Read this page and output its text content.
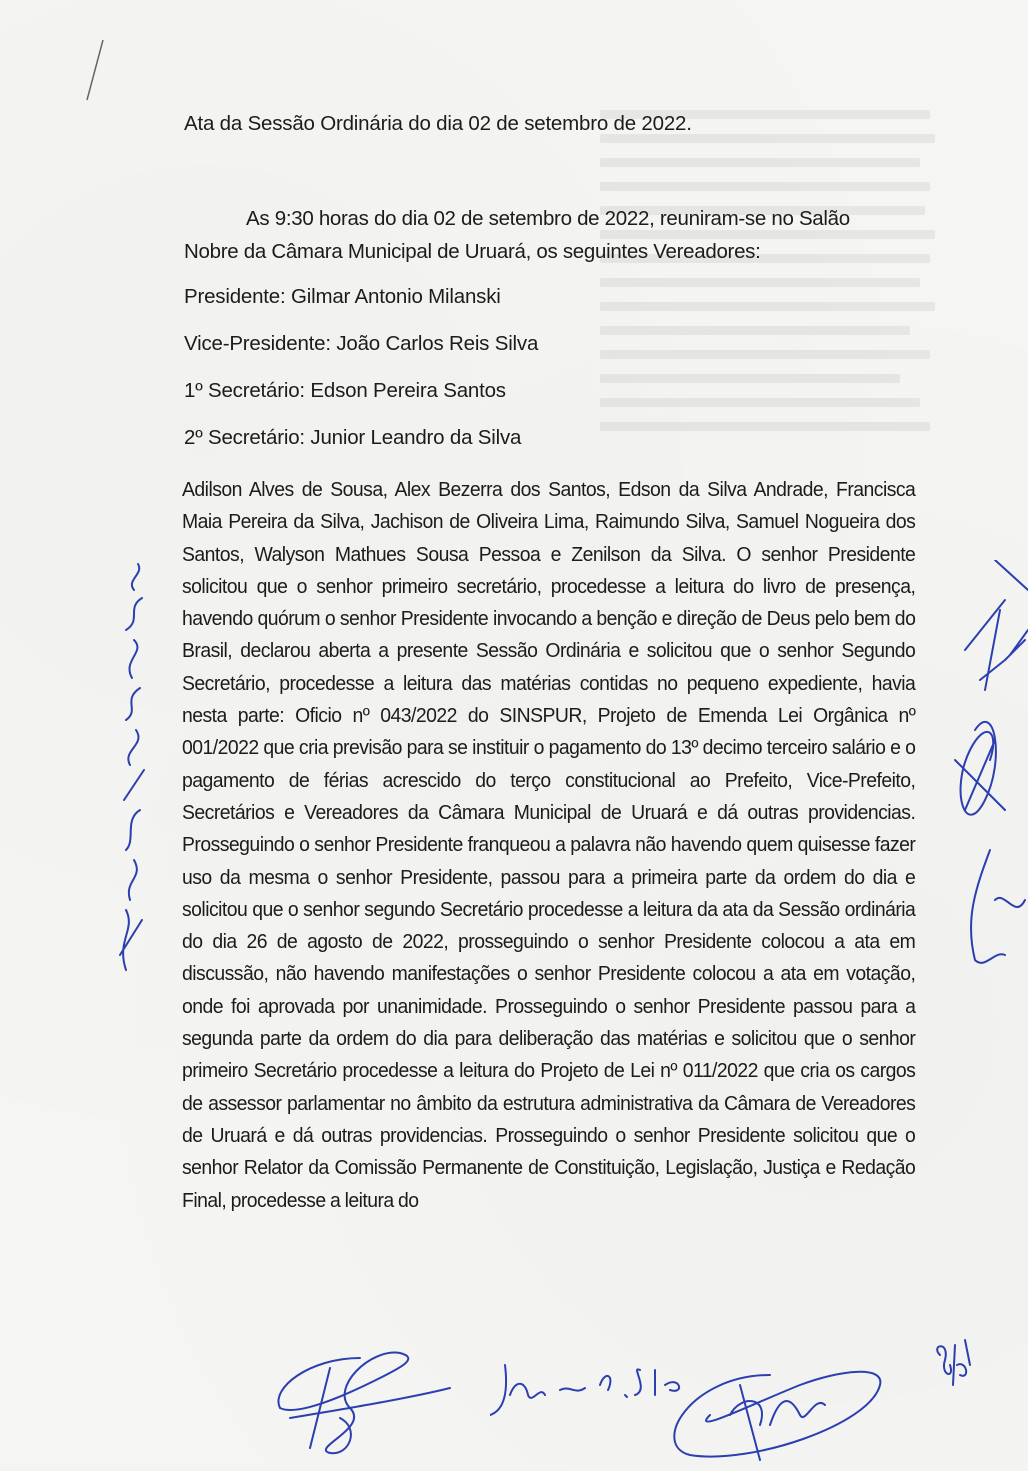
Ata da Sessão Ordinária do dia 02 de setembro de 2022.
As 9:30 horas do dia 02 de setembro de 2022, reuniram-se no Salão
Nobre da Câmara Municipal de Uruará, os seguintes Vereadores:
Presidente: Gilmar Antonio Milanski
Vice-Presidente: João Carlos Reis Silva
1º Secretário: Edson Pereira Santos
2º Secretário: Junior Leandro da Silva
Adilson Alves de Sousa, Alex Bezerra dos Santos, Edson da Silva Andrade, Francisca Maia Pereira da Silva, Jachison de Oliveira Lima, Raimundo Silva, Samuel Nogueira dos Santos, Walyson Mathues Sousa Pessoa e Zenilson da Silva. O senhor Presidente solicitou que o senhor primeiro secretário, procedesse a leitura do livro de presença, havendo quórum o senhor Presidente invocando a benção e direção de Deus pelo bem do Brasil, declarou aberta a presente Sessão Ordinária e solicitou que o senhor Segundo Secretário, procedesse a leitura das matérias contidas no pequeno expediente, havia nesta parte: Oficio nº 043/2022 do SINSPUR, Projeto de Emenda Lei Orgânica nº 001/2022 que cria previsão para se instituir o pagamento do 13º decimo terceiro salário e o pagamento de férias acrescido do terço constitucional ao Prefeito, Vice-Prefeito, Secretários e Vereadores da Câmara Municipal de Uruará e dá outras providencias. Prosseguindo o senhor Presidente franqueou a palavra não havendo quem quisesse fazer uso da mesma o senhor Presidente, passou para a primeira parte da ordem do dia e solicitou que o senhor segundo Secretário procedesse a leitura da ata da Sessão ordinária do dia 26 de agosto de 2022, prosseguindo o senhor Presidente colocou a ata em discussão, não havendo manifestações o senhor Presidente colocou a ata em votação, onde foi aprovada por unanimidade. Prosseguindo o senhor Presidente passou para a segunda parte da ordem do dia para deliberação das matérias e solicitou que o senhor primeiro Secretário procedesse a leitura do Projeto de Lei nº 011/2022 que cria os cargos de assessor parlamentar no âmbito da estrutura administrativa da Câmara de Vereadores de Uruará e dá outras providencias. Prosseguindo o senhor Presidente solicitou que o senhor Relator da Comissão Permanente de Constituição, Legislação, Justiça e Redação Final, procedesse a leitura do
